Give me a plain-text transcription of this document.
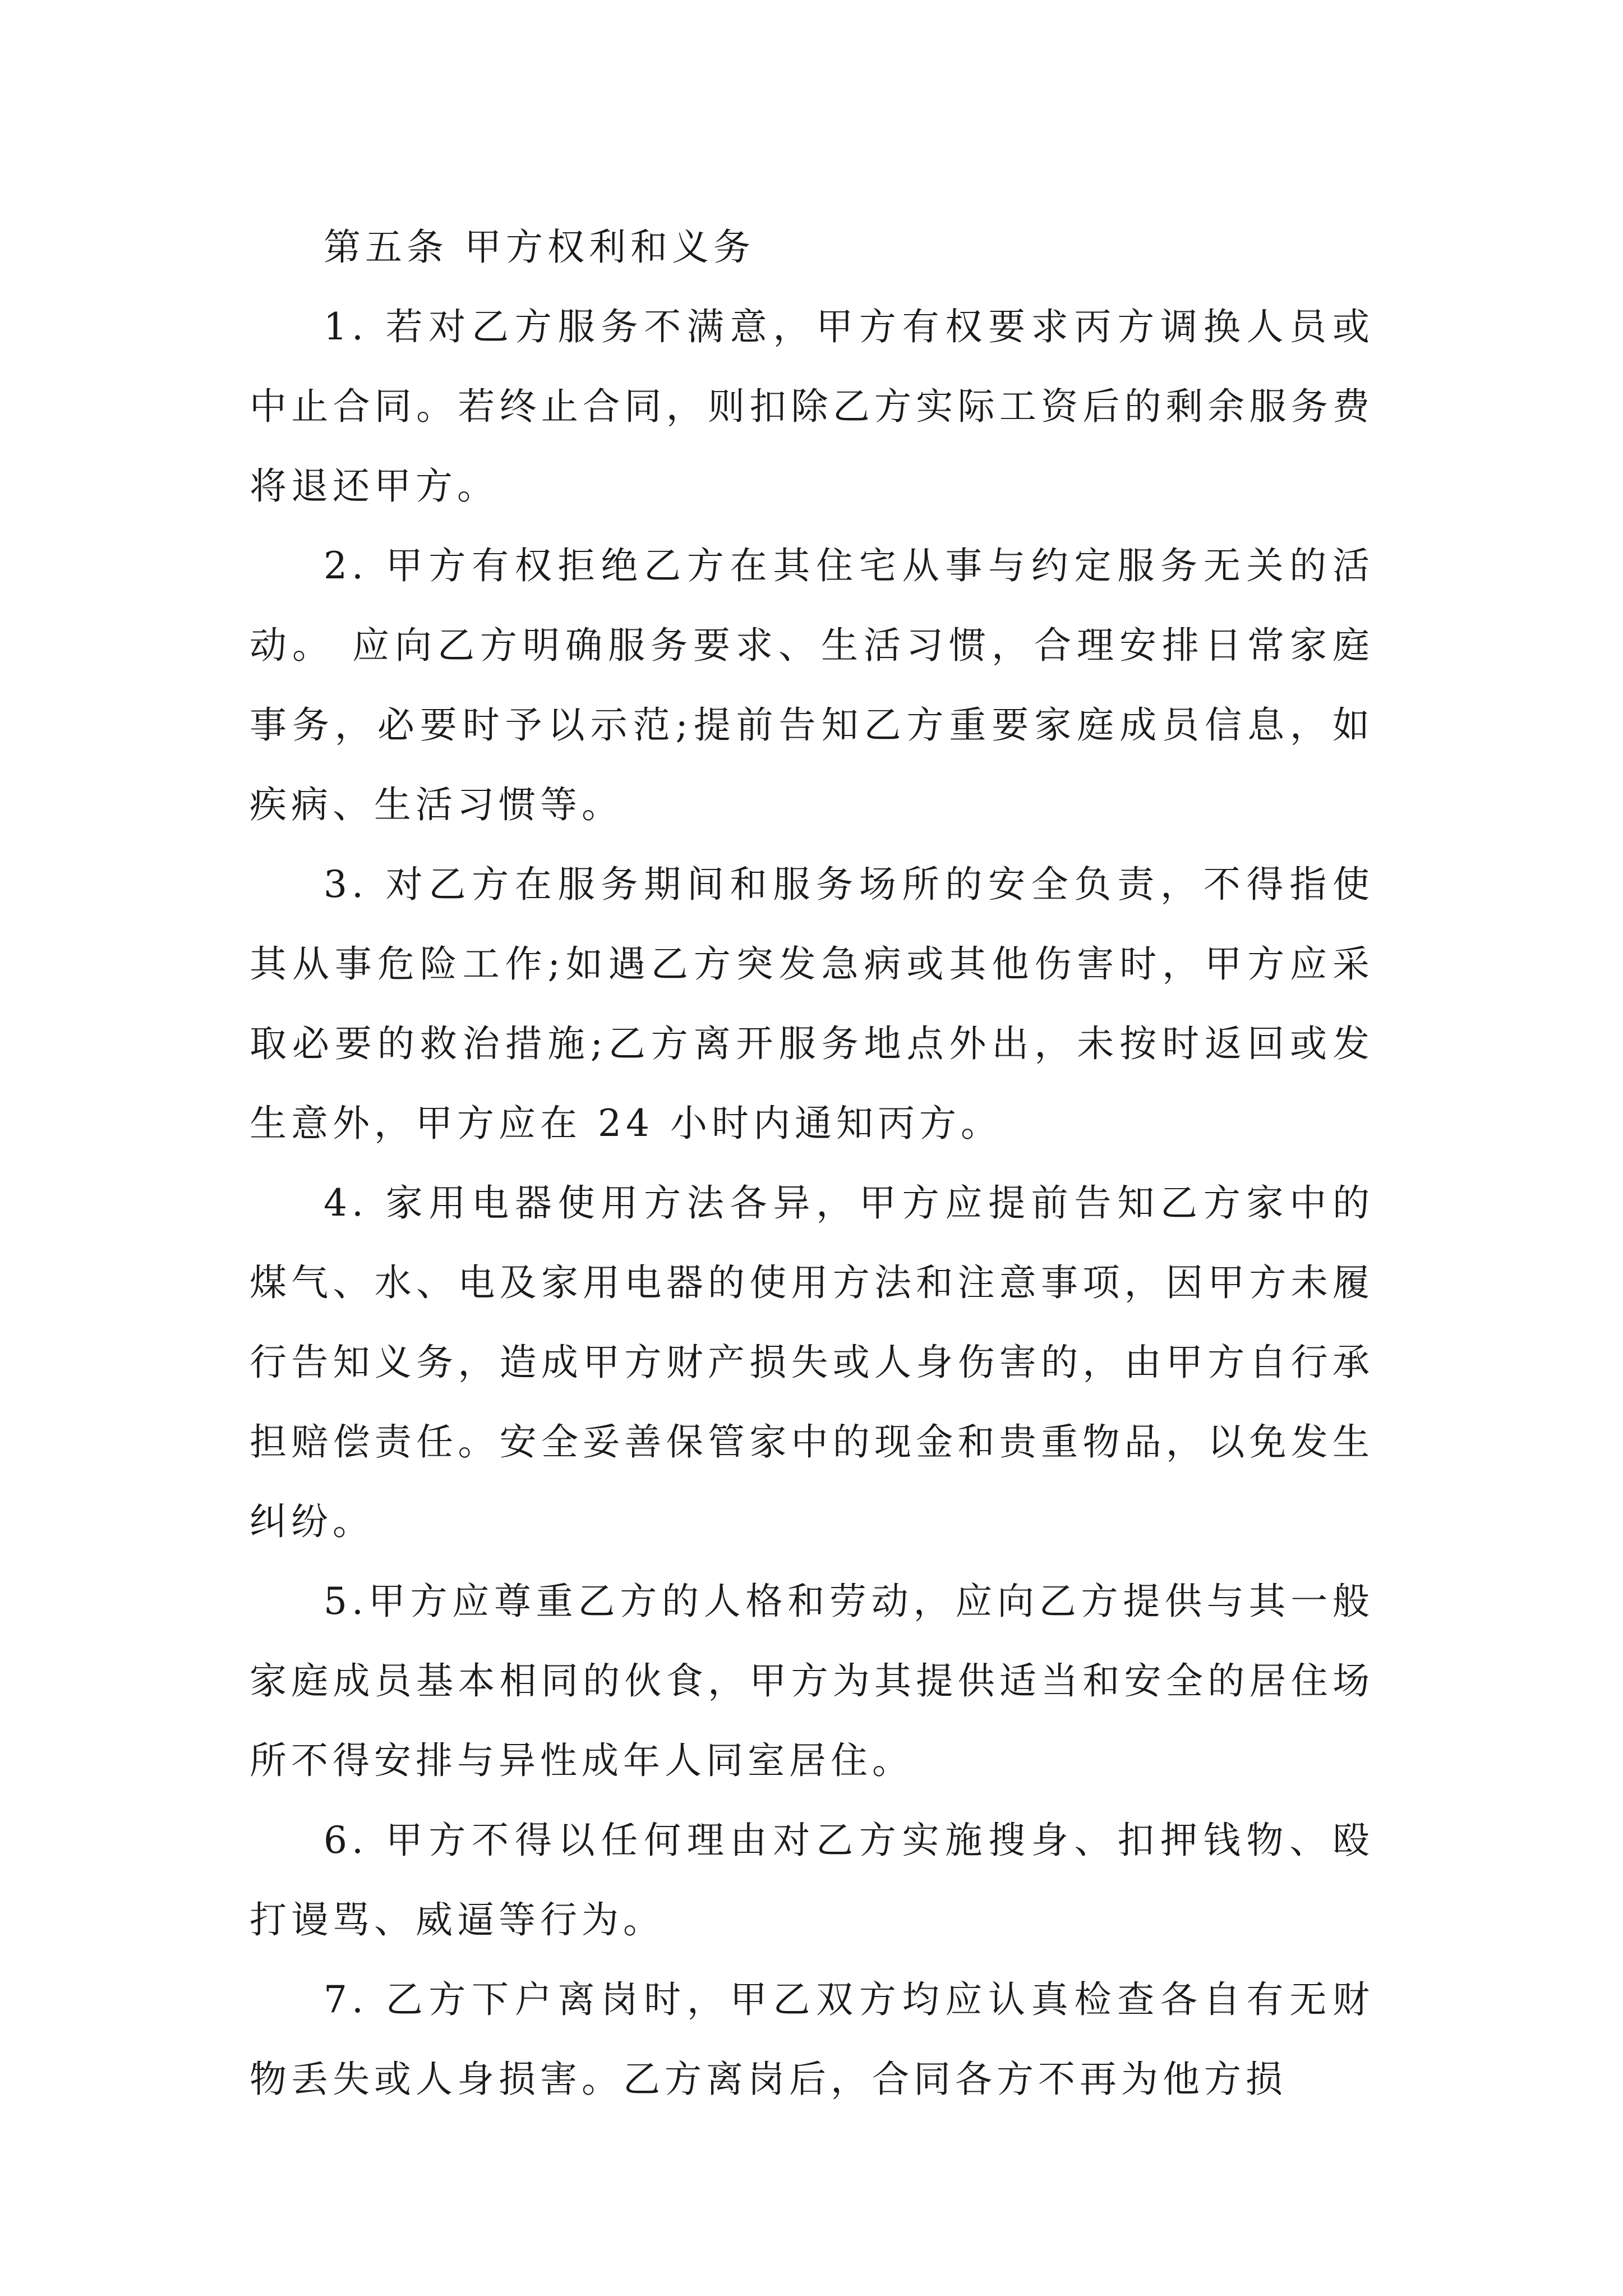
第五条 甲方权利和义务

1. 若对乙方服务不满意，甲方有权要求丙方调换人员或中止合同。若终止合同，则扣除乙方实际工资后的剩余服务费将退还甲方。

2. 甲方有权拒绝乙方在其住宅从事与约定服务无关的活动。 应向乙方明确服务要求、生活习惯，合理安排日常家庭事务，必要时予以示范;提前告知乙方重要家庭成员信息，如疾病、生活习惯等。

3. 对乙方在服务期间和服务场所的安全负责，不得指使其从事危险工作;如遇乙方突发急病或其他伤害时，甲方应采取必要的救治措施;乙方离开服务地点外出，未按时返回或发生意外，甲方应在 24 小时内通知丙方。

4. 家用电器使用方法各异，甲方应提前告知乙方家中的煤气、水、电及家用电器的使用方法和注意事项，因甲方未履行告知义务，造成甲方财产损失或人身伤害的，由甲方自行承担赔偿责任。安全妥善保管家中的现金和贵重物品，以免发生纠纷。

5.甲方应尊重乙方的人格和劳动，应向乙方提供与其一般家庭成员基本相同的伙食，甲方为其提供适当和安全的居住场所不得安排与异性成年人同室居住。

6. 甲方不得以任何理由对乙方实施搜身、扣押钱物、殴打谩骂、威逼等行为。

7. 乙方下户离岗时，甲乙双方均应认真检查各自有无财物丢失或人身损害。乙方离岗后，合同各方不再为他方损
